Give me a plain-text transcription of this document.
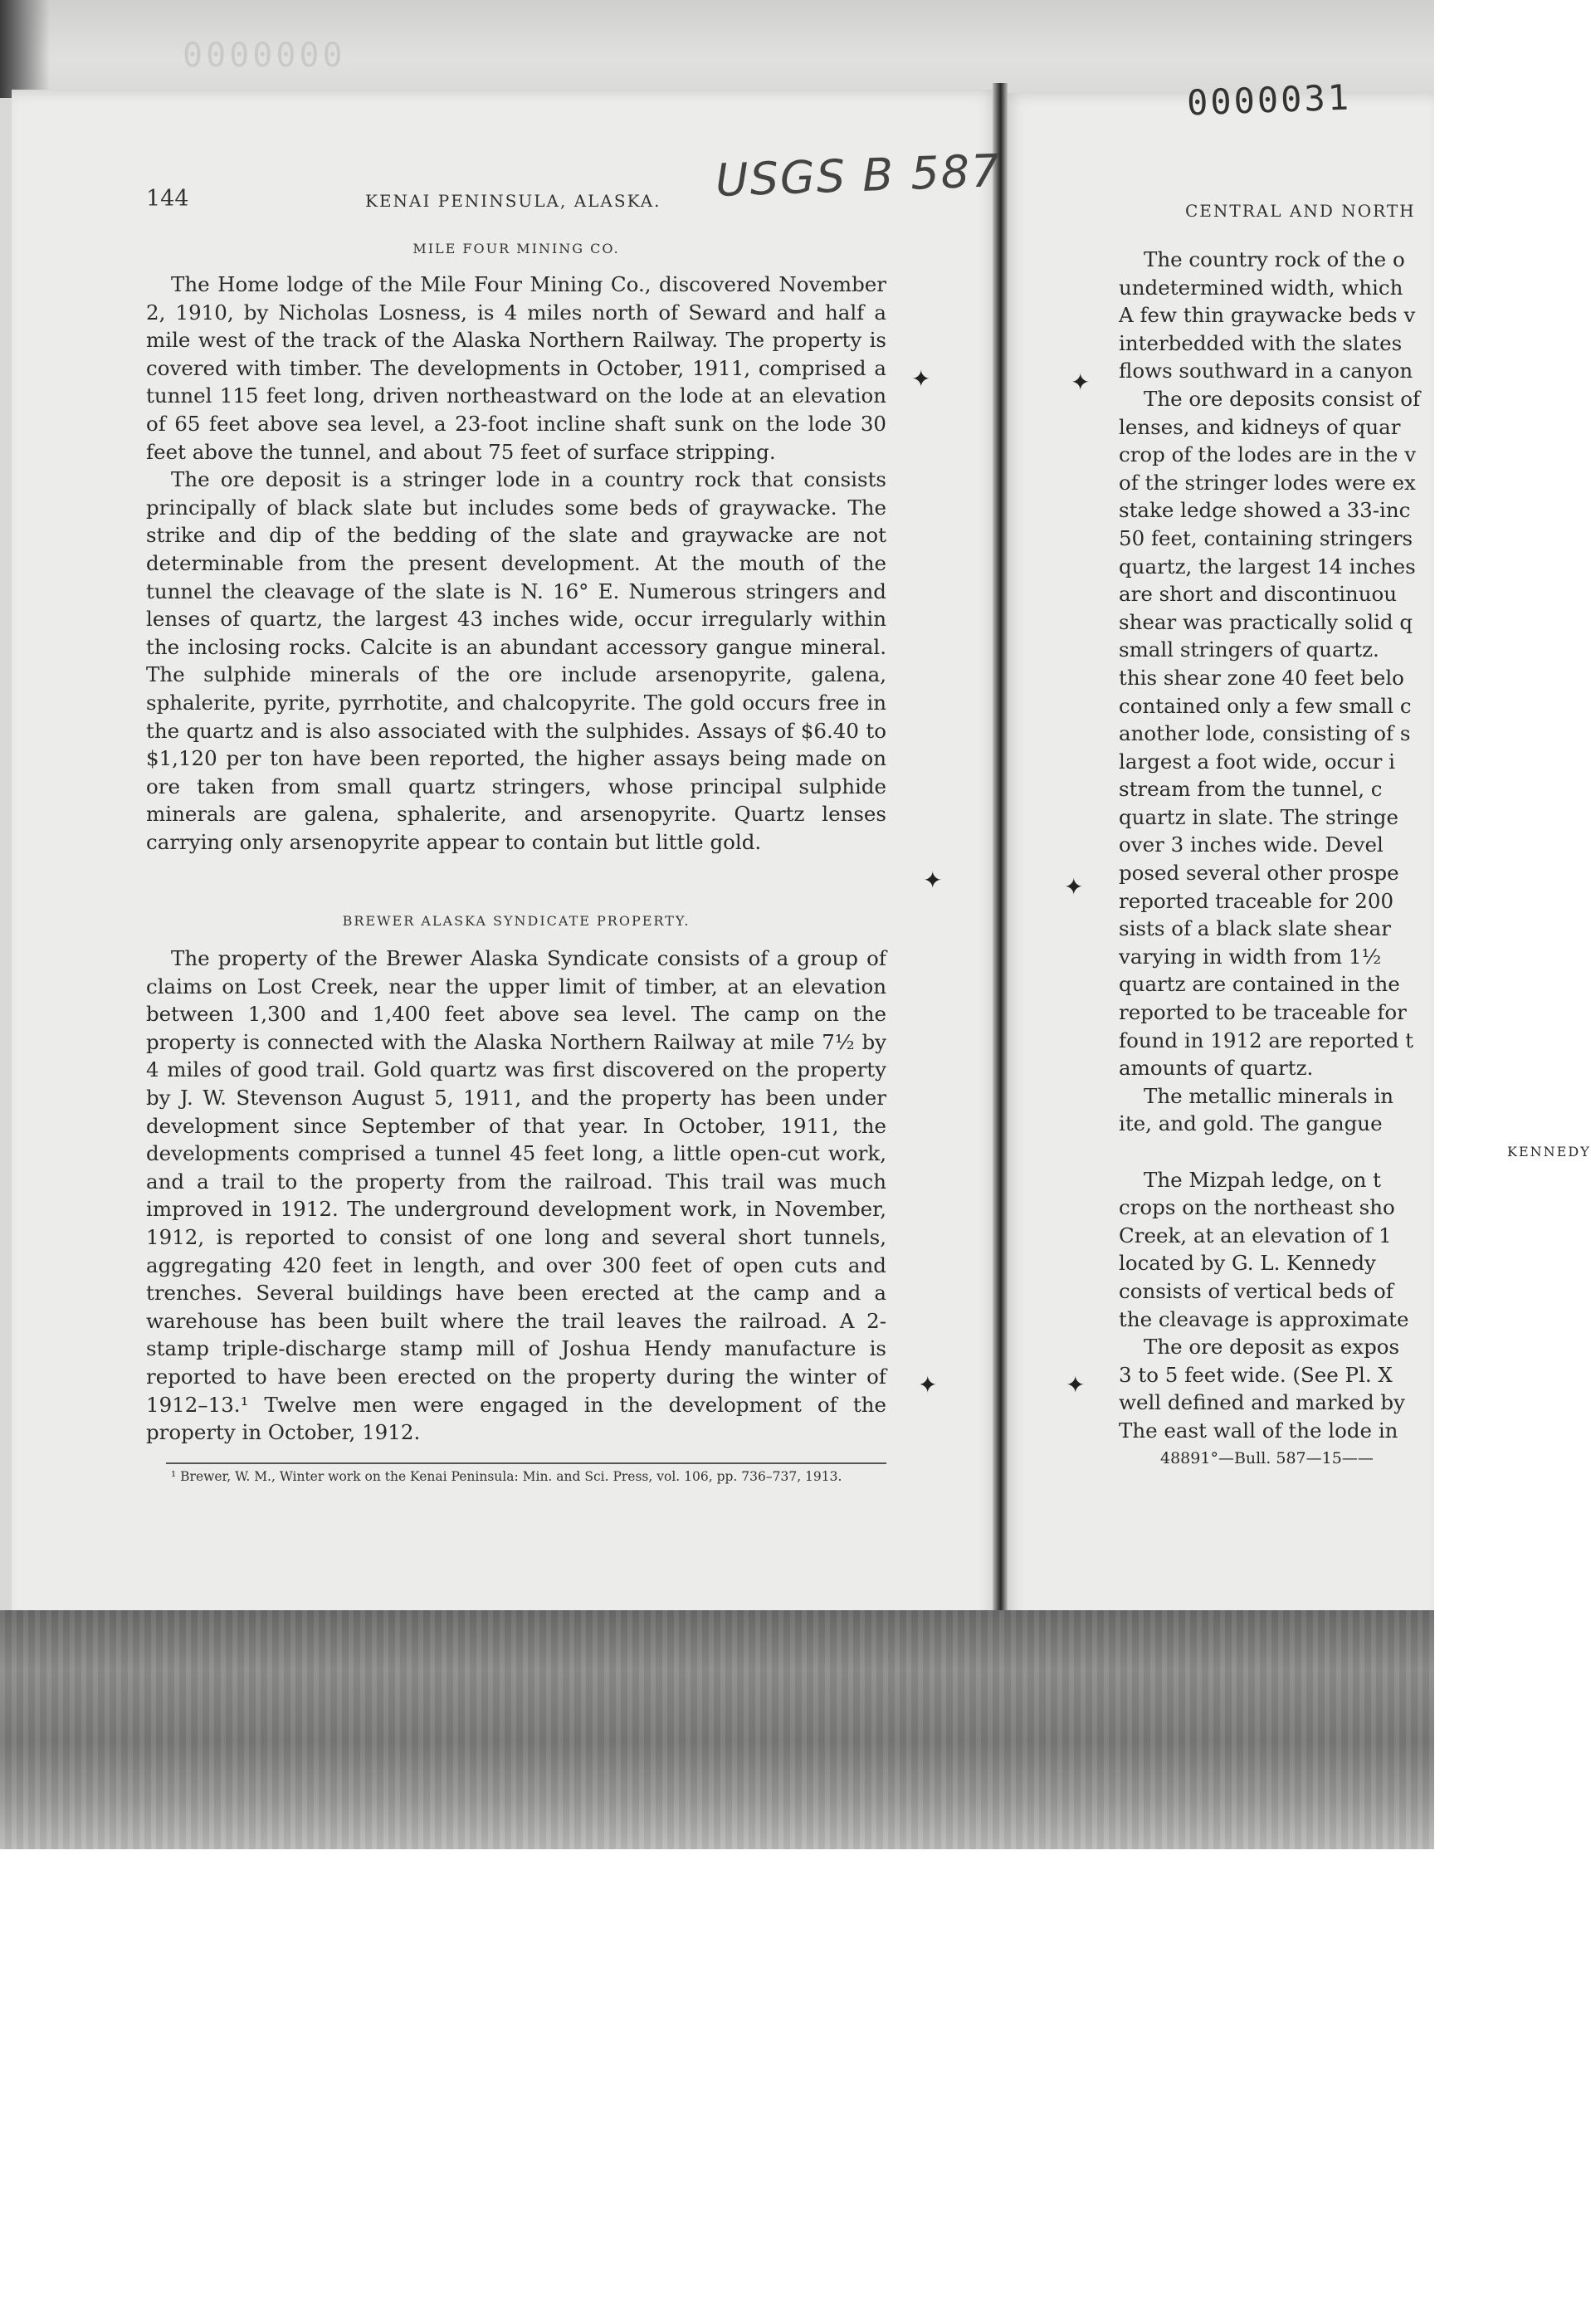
0000000
CENTRAL AND NORTH
The country rock of the o
undetermined width, which
A few thin graywacke beds v
interbedded with the slates
flows southward in a canyon
The ore deposits consist of
lenses, and kidneys of quar
crop of the lodes are in the v
of the stringer lodes were ex
stake ledge showed a 33-inc
50 feet, containing stringers
quartz, the largest 14 inches
are short and discontinuou
shear was practically solid q
small stringers of quartz.
this shear zone 40 feet belo
contained only a few small c
another lode, consisting of s
largest a foot wide, occur i
stream from the tunnel, c
quartz in slate. The stringe
over 3 inches wide. Devel
posed several other prospe
reported traceable for 200
sists of a black slate shear
varying in width from 1½
quartz are contained in the
reported to be traceable for
found in 1912 are reported t
amounts of quartz.
The metallic minerals in
ite, and gold. The gangue
KENNEDY
The Mizpah ledge, on t
crops on the northeast sho
Creek, at an elevation of 1
located by G. L. Kennedy
consists of vertical beds of
the cleavage is approximate
The ore deposit as expos
3 to 5 feet wide. (See Pl. X
well defined and marked by
The east wall of the lode in
48891°—Bull. 587—15——
0000031
USGS B 587
144	KENAI PENINSULA, ALASKA.
MILE FOUR MINING CO.

The Home lodge of the Mile Four Mining Co., discovered November 2, 1910, by Nicholas Losness, is 4 miles north of Seward and half a mile west of the track of the Alaska Northern Railway. The property is covered with timber. The developments in October, 1911, comprised a tunnel 115 feet long, driven northeastward on the lode at an elevation of 65 feet above sea level, a 23-foot incline shaft sunk on the lode 30 feet above the tunnel, and about 75 feet of surface stripping.

The ore deposit is a stringer lode in a country rock that consists principally of black slate but includes some beds of graywacke. The strike and dip of the bedding of the slate and graywacke are not determinable from the present development. At the mouth of the tunnel the cleavage of the slate is N. 16° E. Numerous stringers and lenses of quartz, the largest 43 inches wide, occur irregularly within the inclosing rocks. Calcite is an abundant accessory gangue mineral. The sulphide minerals of the ore include arsenopyrite, galena, sphalerite, pyrite, pyrrhotite, and chalcopyrite. The gold occurs free in the quartz and is also associated with the sulphides. Assays of $6.40 to $1,120 per ton have been reported, the higher assays being made on ore taken from small quartz stringers, whose principal sulphide minerals are galena, sphalerite, and arsenopyrite. Quartz lenses carrying only arsenopyrite appear to contain but little gold.

BREWER ALASKA SYNDICATE PROPERTY.

The property of the Brewer Alaska Syndicate consists of a group of claims on Lost Creek, near the upper limit of timber, at an elevation between 1,300 and 1,400 feet above sea level. The camp on the property is connected with the Alaska Northern Railway at mile 7½ by 4 miles of good trail. Gold quartz was first discovered on the property by J. W. Stevenson August 5, 1911, and the property has been under development since September of that year. In October, 1911, the developments comprised a tunnel 45 feet long, a little open-cut work, and a trail to the property from the railroad. This trail was much improved in 1912. The underground development work, in November, 1912, is reported to consist of one long and several short tunnels, aggregating 420 feet in length, and over 300 feet of open cuts and trenches. Several buildings have been erected at the camp and a warehouse has been built where the trail leaves the railroad. A 2-stamp triple-discharge stamp mill of Joshua Hendy manufacture is reported to have been erected on the property during the winter of 1912–13.¹ Twelve men were engaged in the development of the property in October, 1912.

¹ Brewer, W. M., Winter work on the Kenai Peninsula: Min. and Sci. Press, vol. 106, pp. 736–737, 1913.
✦
✦
✦
✦
✦
✦
